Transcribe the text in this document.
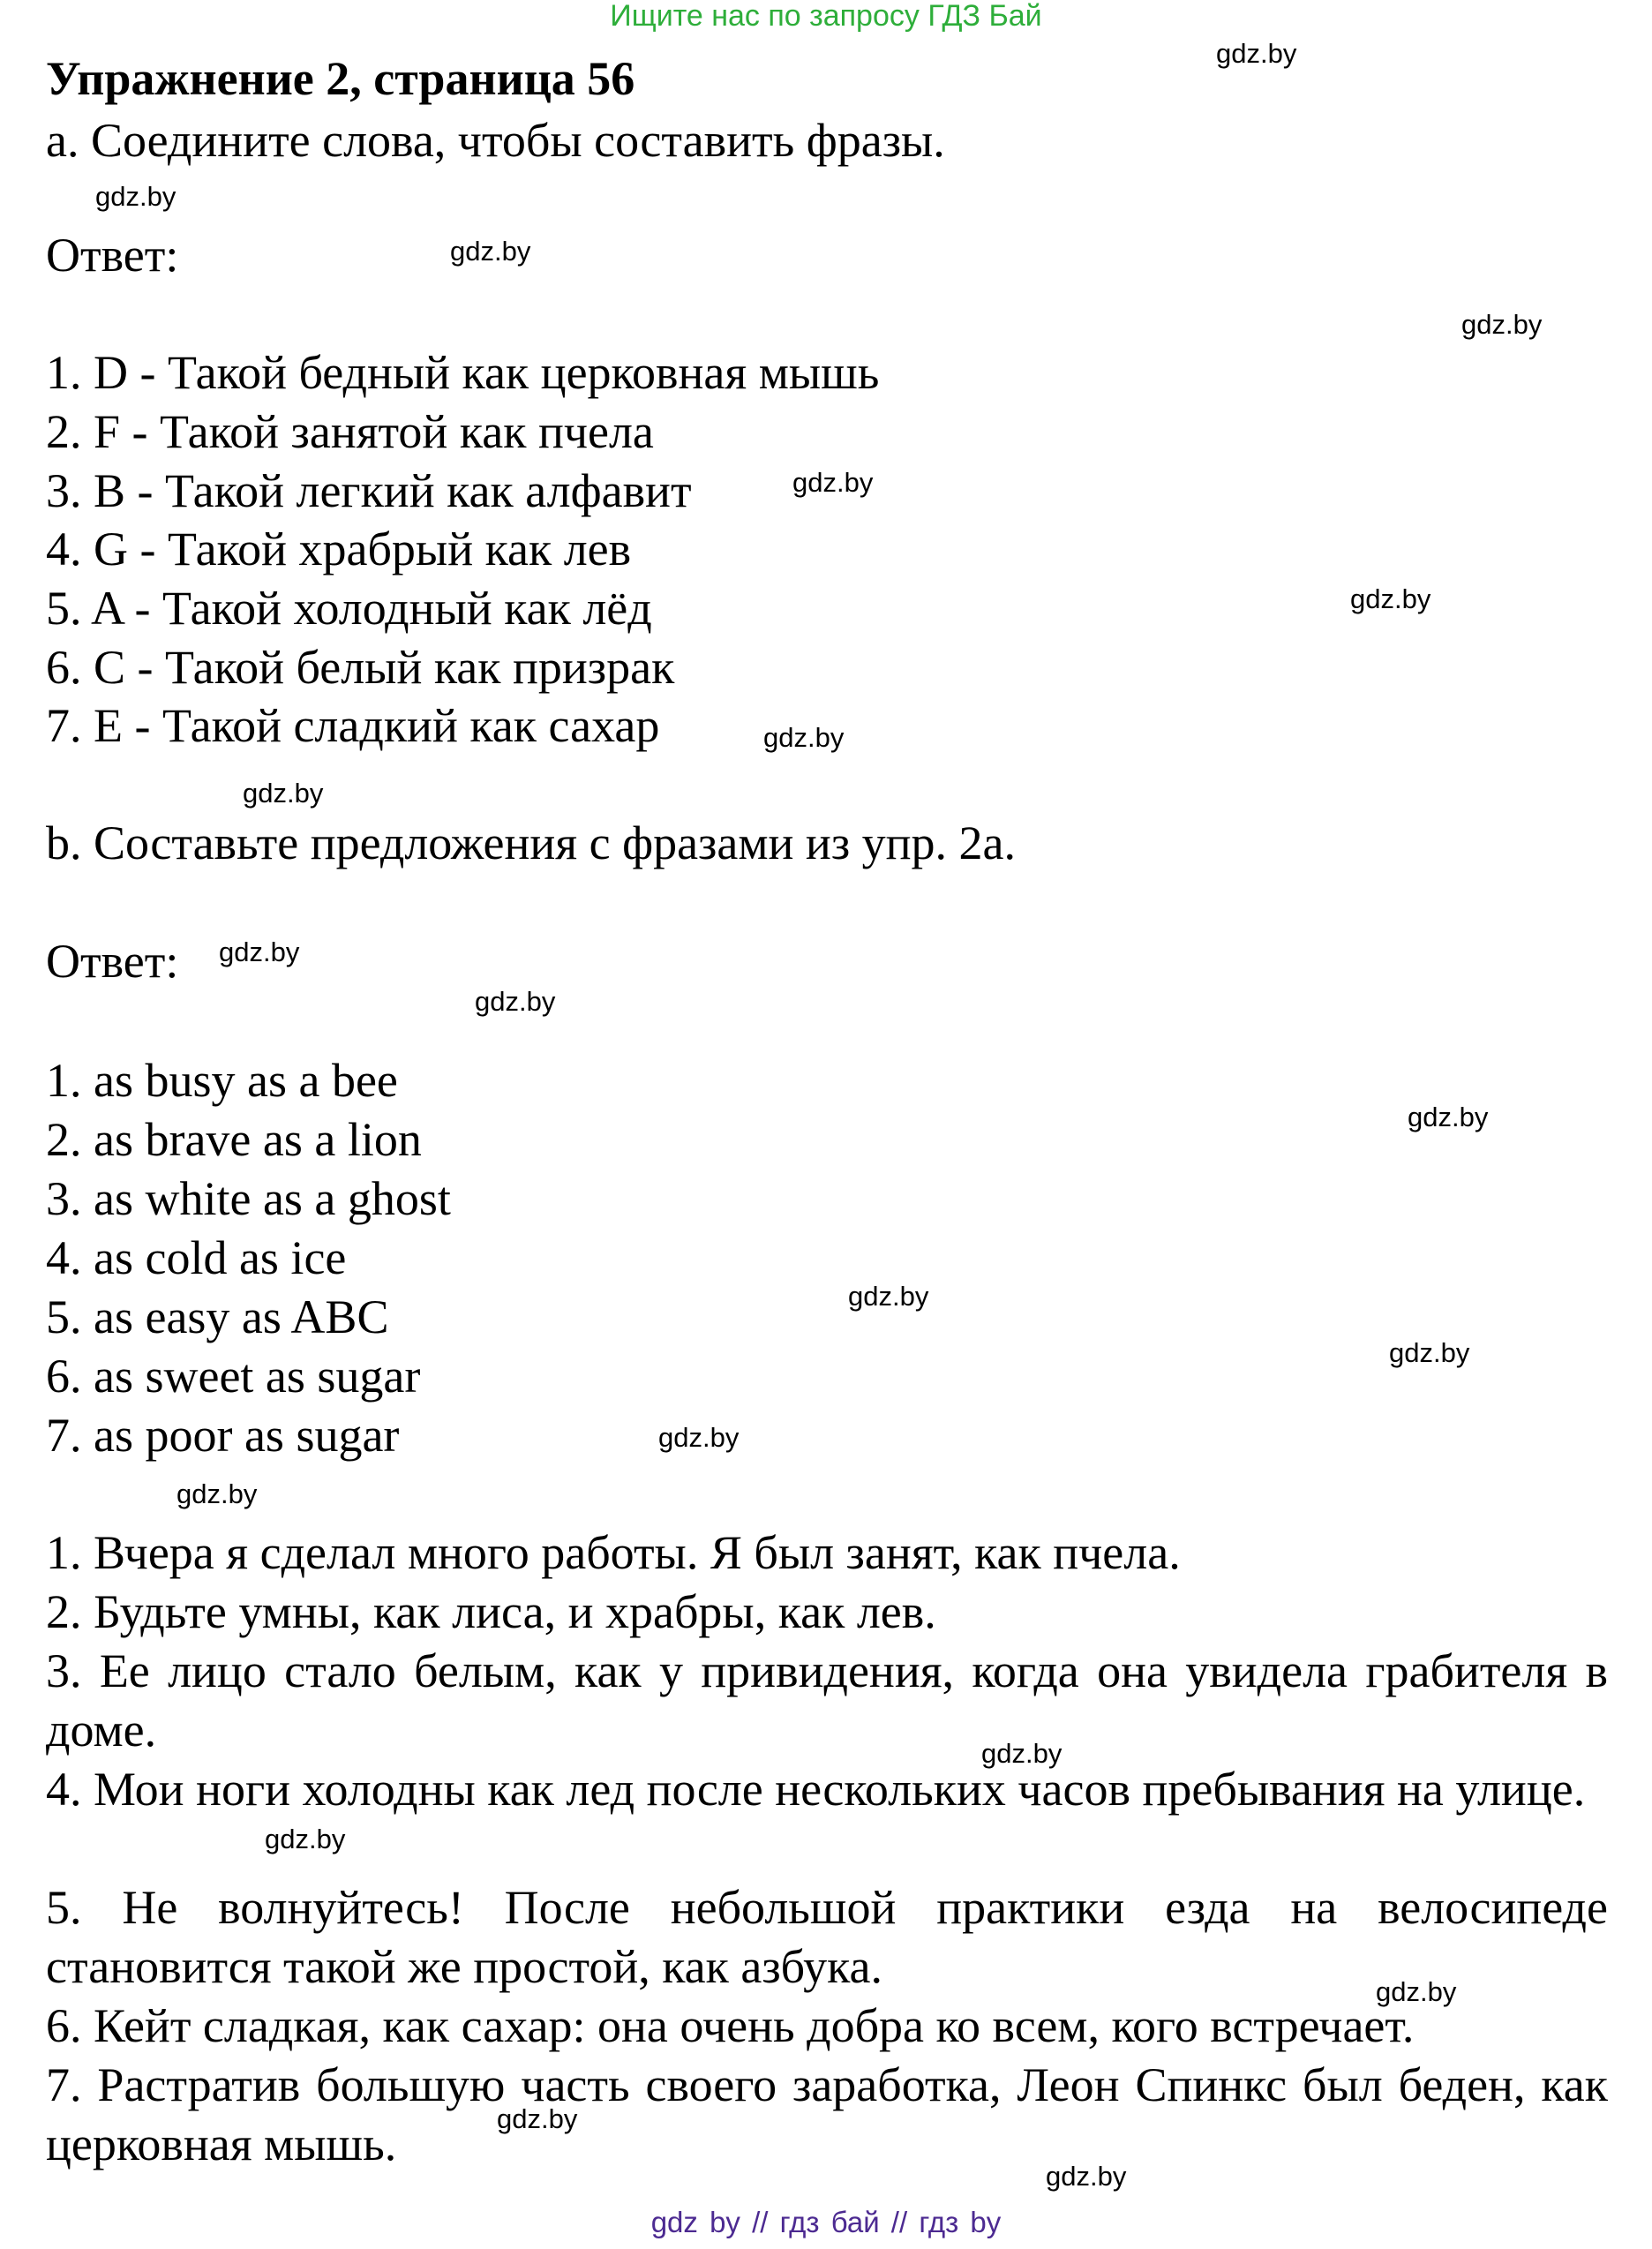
Ищите нас по запросу ГДЗ Бай
Упражнение 2, страница 56
a. Соедините слова, чтобы составить фразы.
Ответ:
1. D - Такой бедный как церковная мышь
2. F - Такой занятой как пчела
3. B - Такой легкий как алфавит
4. G - Такой храбрый как лев
5. A - Такой холодный как лёд
6. C - Такой белый как призрак
7. E - Такой сладкий как сахар
b. Составьте предложения с фразами из упр. 2a.
Ответ:
1. as busy as a bee
2. as brave as a lion
3. as white as a ghost
4. as cold as ice
5. as easy as ABC
6. as sweet as sugar
7. as poor as sugar
1. Вчера я сделал много работы. Я был занят, как пчела.
2. Будьте умны, как лиса, и храбры, как лев.
3. Ее лицо стало белым, как у привидения, когда она увидела грабителя в доме.
4. Мои ноги холодны как лед после нескольких часов пребывания на улице.
5. Не волнуйтесь! После небольшой практики езда на велосипеде становится такой же простой, как азбука.
6. Кейт сладкая, как сахар: она очень добра ко всем, кого встречает.
7. Растратив большую часть своего заработка, Леон Спинкс был беден, как церковная мышь.
gdz.by
gdz.by
gdz.by
gdz.by
gdz.by
gdz.by
gdz.by
gdz.by
gdz.by
gdz.by
gdz.by
gdz.by
gdz.by
gdz.by
gdz.by
gdz.by
gdz.by
gdz.by
gdz.by
gdz.by
gdz by // гдз бай // гдз by
